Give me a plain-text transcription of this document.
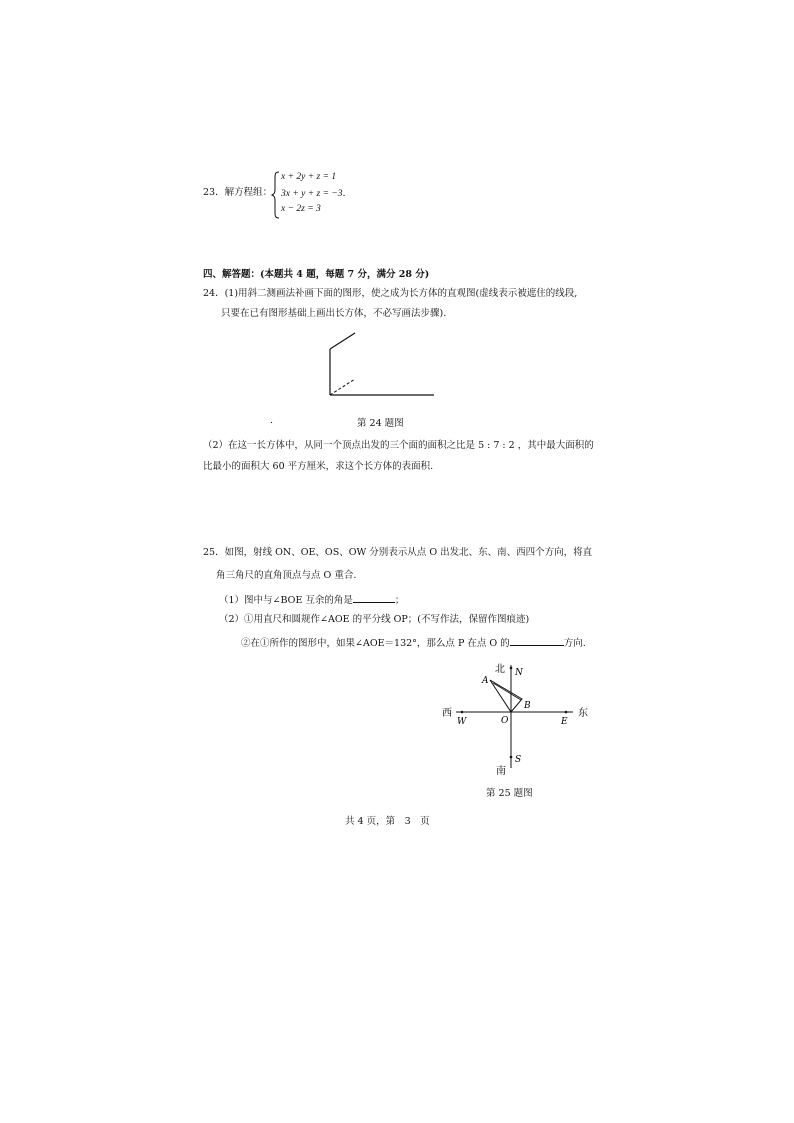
23．解方程组：
x + 2y + z = 1
3x + y + z = −3.
x − 2z = 3
四、解答题：(本题共 4 题，每题 7 分，满分 28 分)
24．(1)用斜二测画法补画下面的图形，使之成为长方体的直观图(虚线表示被遮住的线段,
只要在已有图形基础上画出长方体，不必写画法步骤).
.	第 24 题图
（2）在这一长方体中，从同一个顶点出发的三个面的面积之比是 5 : 7 : 2 ，其中最大面积的
比最小的面积大 60 平方厘米，求这个长方体的表面积.
25．如图，射线 ON、OE、OS、OW 分别表示从点 O 出发北、东、南、西四个方向，将直
角三角尺的直角顶点与点 O 重合.
（1）图中与∠BOE 互余的角是	；
（2）①用直尺和圆规作∠AOE 的平分线 OP；(不写作法，保留作图痕迹)
②在①所作的图形中，如果∠AOE＝132°，那么点 P 在点 O 的	方向.
北 N
南
S
西
W
东
E
O
A
B
第 25 题图
共 4 页，第　3　页
